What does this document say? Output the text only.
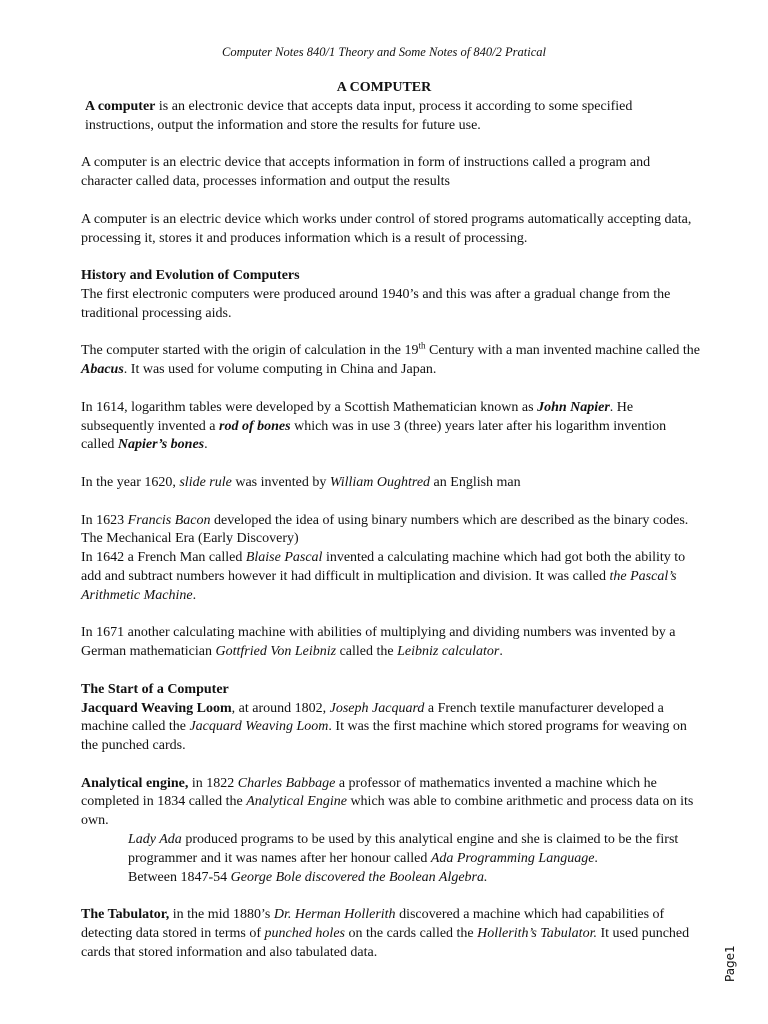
Computer Notes 840/1 Theory and Some Notes of 840/2 Pratical
A COMPUTER

A computer is an electronic device that accepts data input, process it according to some specified instructions, output the information and store the results for future use.

A computer is an electric device that accepts information in form of instructions called a program and character called data, processes information and output the results

A computer is an electric device which works under control of stored programs automatically accepting data, processing it, stores it and produces information which is a result of processing.

History and Evolution of Computers

The first electronic computers were produced around 1940’s and this was after a gradual change from the traditional processing aids.

The computer started with the origin of calculation in the 19th Century with a man invented machine called the Abacus. It was used for volume computing in China and Japan.

In 1614, logarithm tables were developed by a Scottish Mathematician known as John Napier. He subsequently invented a rod of bones which was in use 3 (three) years later after his logarithm invention called Napier’s bones.

In the year 1620, slide rule was invented by William Oughtred an English man

In 1623 Francis Bacon developed the idea of using binary numbers which are described as the binary codes.

The Mechanical Era (Early Discovery)

In 1642 a French Man called Blaise Pascal invented a calculating machine which had got both the ability to add and subtract numbers however it had difficult in multiplication and division. It was called the Pascal’s Arithmetic Machine.

In 1671 another calculating machine with abilities of multiplying and dividing numbers was invented by a German mathematician Gottfried Von Leibniz called the Leibniz calculator.

The Start of a Computer

Jacquard Weaving Loom, at around 1802, Joseph Jacquard a French textile manufacturer developed a machine called the Jacquard Weaving Loom. It was the first machine which stored programs for weaving on the punched cards.

Analytical engine, in 1822 Charles Babbage a professor of mathematics invented a machine which he completed in 1834 called the Analytical Engine which was able to combine arithmetic and process data on its own.

Lady Ada produced programs to be used by this analytical engine and she is claimed to be the first programmer and it was names after her honour called Ada Programming Language.

Between 1847-54 George Bole discovered the Boolean Algebra.

The Tabulator, in the mid 1880’s Dr. Herman Hollerith discovered a machine which had capabilities of detecting data stored in terms of punched holes on the cards called the Hollerith’s Tabulator. It used punched cards that stored information and also tabulated data.	Page1
